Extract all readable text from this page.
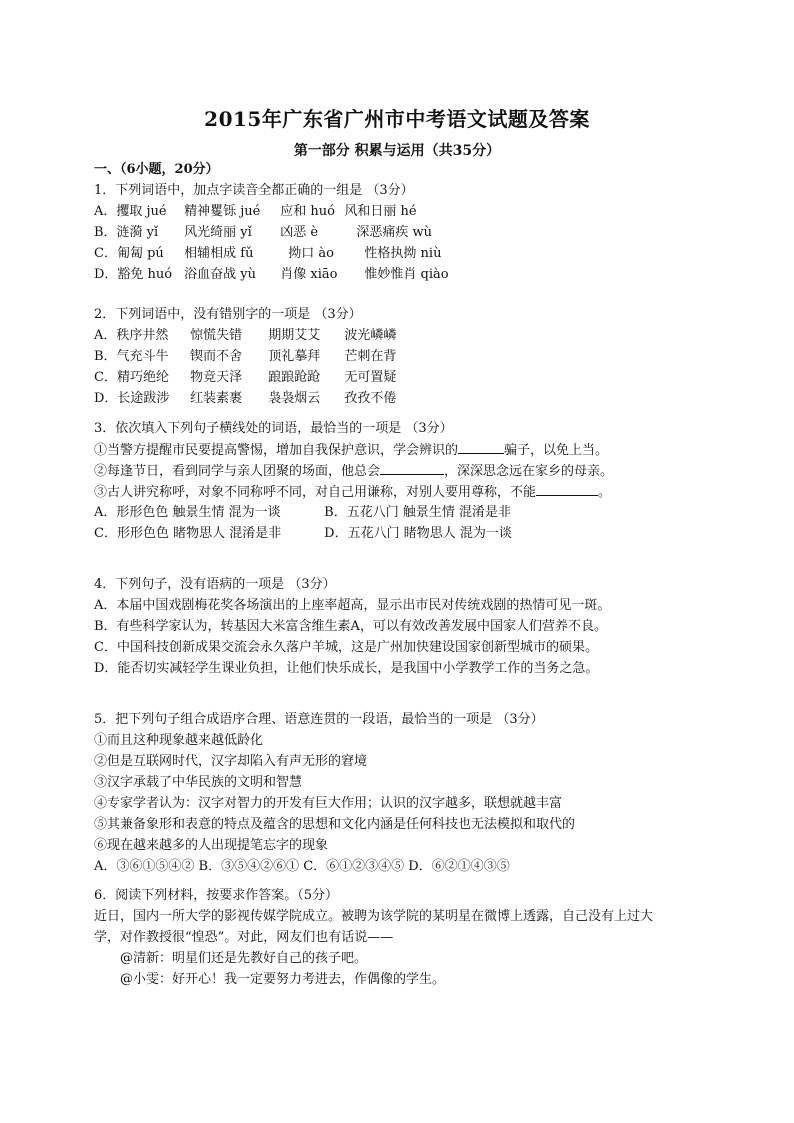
2015年广东省广州市中考语文试题及答案
第一部分 积累与运用（共35分）
一、（6小题，20分）
1．下列词语中，加点字读音全都正确的一组是 （3分）
A．攫取 jué 精神矍铄 jué 应和 huó 风和日丽 hé
B．涟漪 yǐ 风光绮丽 yǐ 凶恶 è	深恶痛疾 wù
C．匍匐 pú 相辅相成 fǔ	拗口 ào 性格执拗 niù
D．豁免 huó 浴血奋战 yù 肖像 xiāo 惟妙惟肖 qiào
2．下列词语中，没有错别字的一项是 （3分）
A．秩序井然 惊慌失错 期期艾艾 波光嶙嶙
B．气充斗牛 锲而不舍 顶礼摹拜 芒刺在背
C．精巧绝纶 物竞天泽 踉踉跄跄 无可置疑
D．长途跋涉 红装素裹 袅袅烟云 孜孜不倦
3．依次填入下列句子横线处的词语，最恰当的一项是 （3分）
①当警方提醒市民要提高警惕，增加自我保护意识，学会辨识的	骗子，以免上当。
②每逢节日，看到同学与亲人团聚的场面，他总会	，深深思念远在家乡的母亲。
③古人讲究称呼，对象不同称呼不同，对自己用谦称，对别人要用尊称，不能	。
A．形形色色 触景生情 混为一谈	B．五花八门 触景生情 混淆是非
C．形形色色 睹物思人 混淆是非	D．五花八门 睹物思人 混为一谈
4．下列句子，没有语病的一项是 （3分）
A．本届中国戏剧梅花奖各场演出的上座率超高，显示出市民对传统戏剧的热情可见一斑。
B．有些科学家认为，转基因大米富含维生素A，可以有效改善发展中国家人们营养不良。
C．中国科技创新成果交流会永久落户羊城，这是广州加快建设国家创新型城市的硕果。
D．能否切实减轻学生课业负担，让他们快乐成长，是我国中小学教学工作的当务之急。
5．把下列句子组合成语序合理、语意连贯的一段语，最恰当的一项是 （3分）
①而且这种现象越来越低龄化
②但是互联网时代，汉字却陷入有声无形的窘境
③汉字承载了中华民族的文明和智慧
④专家学者认为：汉字对智力的开发有巨大作用；认识的汉字越多，联想就越丰富
⑤其兼备象形和表意的特点及蕴含的思想和文化内涵是任何科技也无法模拟和取代的
⑥现在越来越多的人出现提笔忘字的现象
A．③⑥①⑤④② B．③⑤④②⑥① C．⑥①②③④⑤ D．⑥②①④③⑤
6．阅读下列材料，按要求作答案。（5分）
近日，国内一所大学的影视传媒学院成立。被聘为该学院的某明星在微博上透露，自己没有上过大
学，对作教授很“惶恐”。对此，网友们也有话说——
@清新：明星们还是先教好自己的孩子吧。
@小雯：好开心！我一定要努力考进去，作偶像的学生。
